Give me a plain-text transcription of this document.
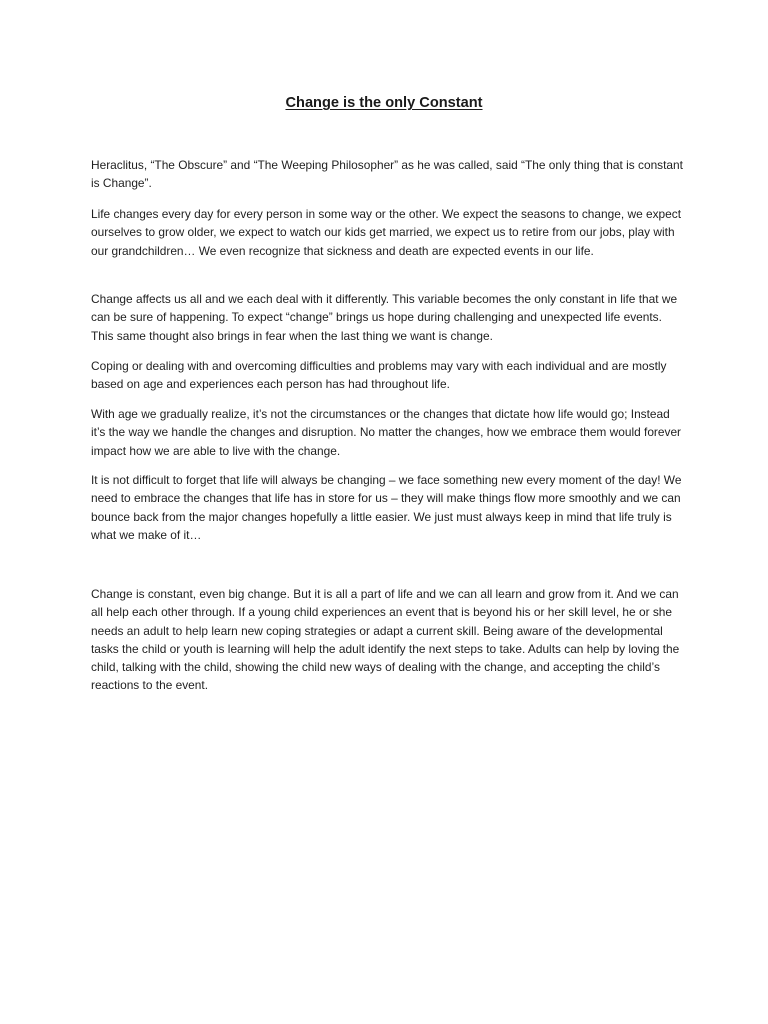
Change is the only Constant

Heraclitus, “The Obscure” and “The Weeping Philosopher” as he was called, said “The only thing that is constant is Change”.

Life changes every day for every person in some way or the other. We expect the seasons to change, we expect ourselves to grow older, we expect to watch our kids get married, we expect us to retire from our jobs, play with our grandchildren… We even recognize that sickness and death are expected events in our life.

Change affects us all and we each deal with it differently. This variable becomes the only constant in life that we can be sure of happening. To expect “change” brings us hope during challenging and unexpected life events. This same thought also brings in fear when the last thing we want is change.

Coping or dealing with and overcoming difficulties and problems may vary with each individual and are mostly based on age and experiences each person has had throughout life.

With age we gradually realize, it’s not the circumstances or the changes that dictate how life would go; Instead it’s the way we handle the changes and disruption. No matter the changes, how we embrace them would forever impact how we are able to live with the change.

It is not difficult to forget that life will always be changing – we face something new every moment of the day! We need to embrace the changes that life has in store for us – they will make things flow more smoothly and we can bounce back from the major changes hopefully a little easier. We just must always keep in mind that life truly is what we make of it…

Change is constant, even big change. But it is all a part of life and we can all learn and grow from it. And we can all help each other through. If a young child experiences an event that is beyond his or her skill level, he or she needs an adult to help learn new coping strategies or adapt a current skill. Being aware of the developmental tasks the child or youth is learning will help the adult identify the next steps to take. Adults can help by loving the child, talking with the child, showing the child new ways of dealing with the change, and accepting the child’s reactions to the event.
